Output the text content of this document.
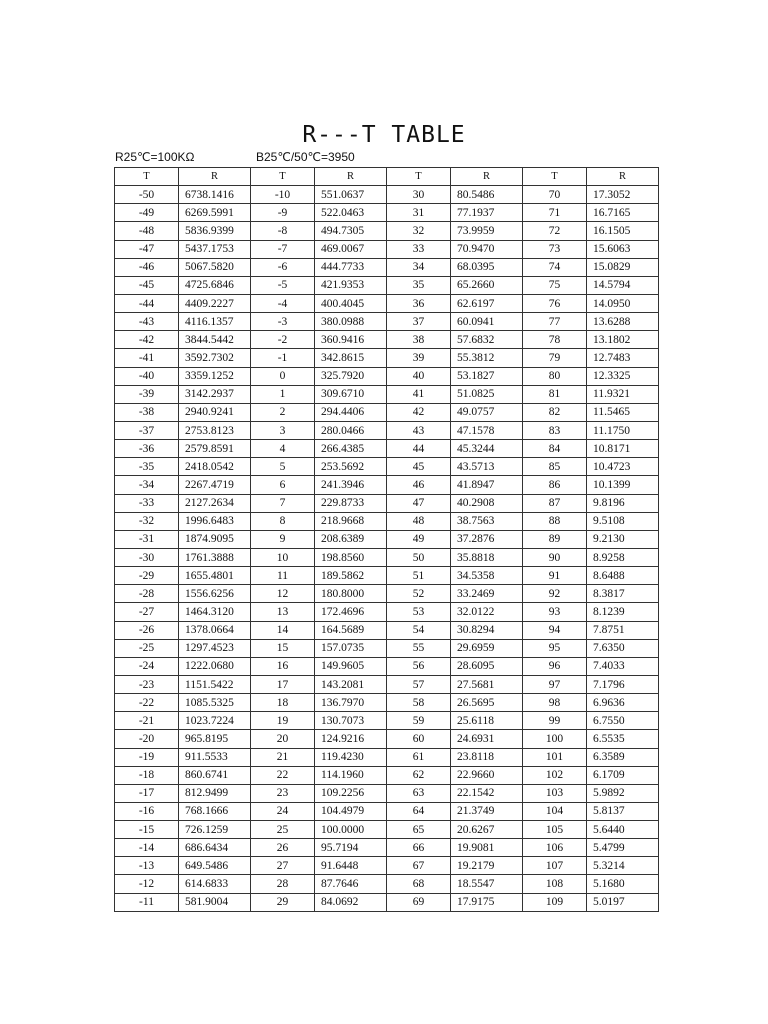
R---T TABLE
R25℃=100KΩ	B25℃/50℃=3950
T	R	T	R	T	R	T	R
-50	6738.1416	-10	551.0637	30	80.5486	70	17.3052
-49	6269.5991	-9	522.0463	31	77.1937	71	16.7165
-48	5836.9399	-8	494.7305	32	73.9959	72	16.1505
-47	5437.1753	-7	469.0067	33	70.9470	73	15.6063
-46	5067.5820	-6	444.7733	34	68.0395	74	15.0829
-45	4725.6846	-5	421.9353	35	65.2660	75	14.5794
-44	4409.2227	-4	400.4045	36	62.6197	76	14.0950
-43	4116.1357	-3	380.0988	37	60.0941	77	13.6288
-42	3844.5442	-2	360.9416	38	57.6832	78	13.1802
-41	3592.7302	-1	342.8615	39	55.3812	79	12.7483
-40	3359.1252	0	325.7920	40	53.1827	80	12.3325
-39	3142.2937	1	309.6710	41	51.0825	81	11.9321
-38	2940.9241	2	294.4406	42	49.0757	82	11.5465
-37	2753.8123	3	280.0466	43	47.1578	83	11.1750
-36	2579.8591	4	266.4385	44	45.3244	84	10.8171
-35	2418.0542	5	253.5692	45	43.5713	85	10.4723
-34	2267.4719	6	241.3946	46	41.8947	86	10.1399
-33	2127.2634	7	229.8733	47	40.2908	87	9.8196
-32	1996.6483	8	218.9668	48	38.7563	88	9.5108
-31	1874.9095	9	208.6389	49	37.2876	89	9.2130
-30	1761.3888	10	198.8560	50	35.8818	90	8.9258
-29	1655.4801	11	189.5862	51	34.5358	91	8.6488
-28	1556.6256	12	180.8000	52	33.2469	92	8.3817
-27	1464.3120	13	172.4696	53	32.0122	93	8.1239
-26	1378.0664	14	164.5689	54	30.8294	94	7.8751
-25	1297.4523	15	157.0735	55	29.6959	95	7.6350
-24	1222.0680	16	149.9605	56	28.6095	96	7.4033
-23	1151.5422	17	143.2081	57	27.5681	97	7.1796
-22	1085.5325	18	136.7970	58	26.5695	98	6.9636
-21	1023.7224	19	130.7073	59	25.6118	99	6.7550
-20	965.8195	20	124.9216	60	24.6931	100	6.5535
-19	911.5533	21	119.4230	61	23.8118	101	6.3589
-18	860.6741	22	114.1960	62	22.9660	102	6.1709
-17	812.9499	23	109.2256	63	22.1542	103	5.9892
-16	768.1666	24	104.4979	64	21.3749	104	5.8137
-15	726.1259	25	100.0000	65	20.6267	105	5.6440
-14	686.6434	26	95.7194	66	19.9081	106	5.4799
-13	649.5486	27	91.6448	67	19.2179	107	5.3214
-12	614.6833	28	87.7646	68	18.5547	108	5.1680
-11	581.9004	29	84.0692	69	17.9175	109	5.0197
